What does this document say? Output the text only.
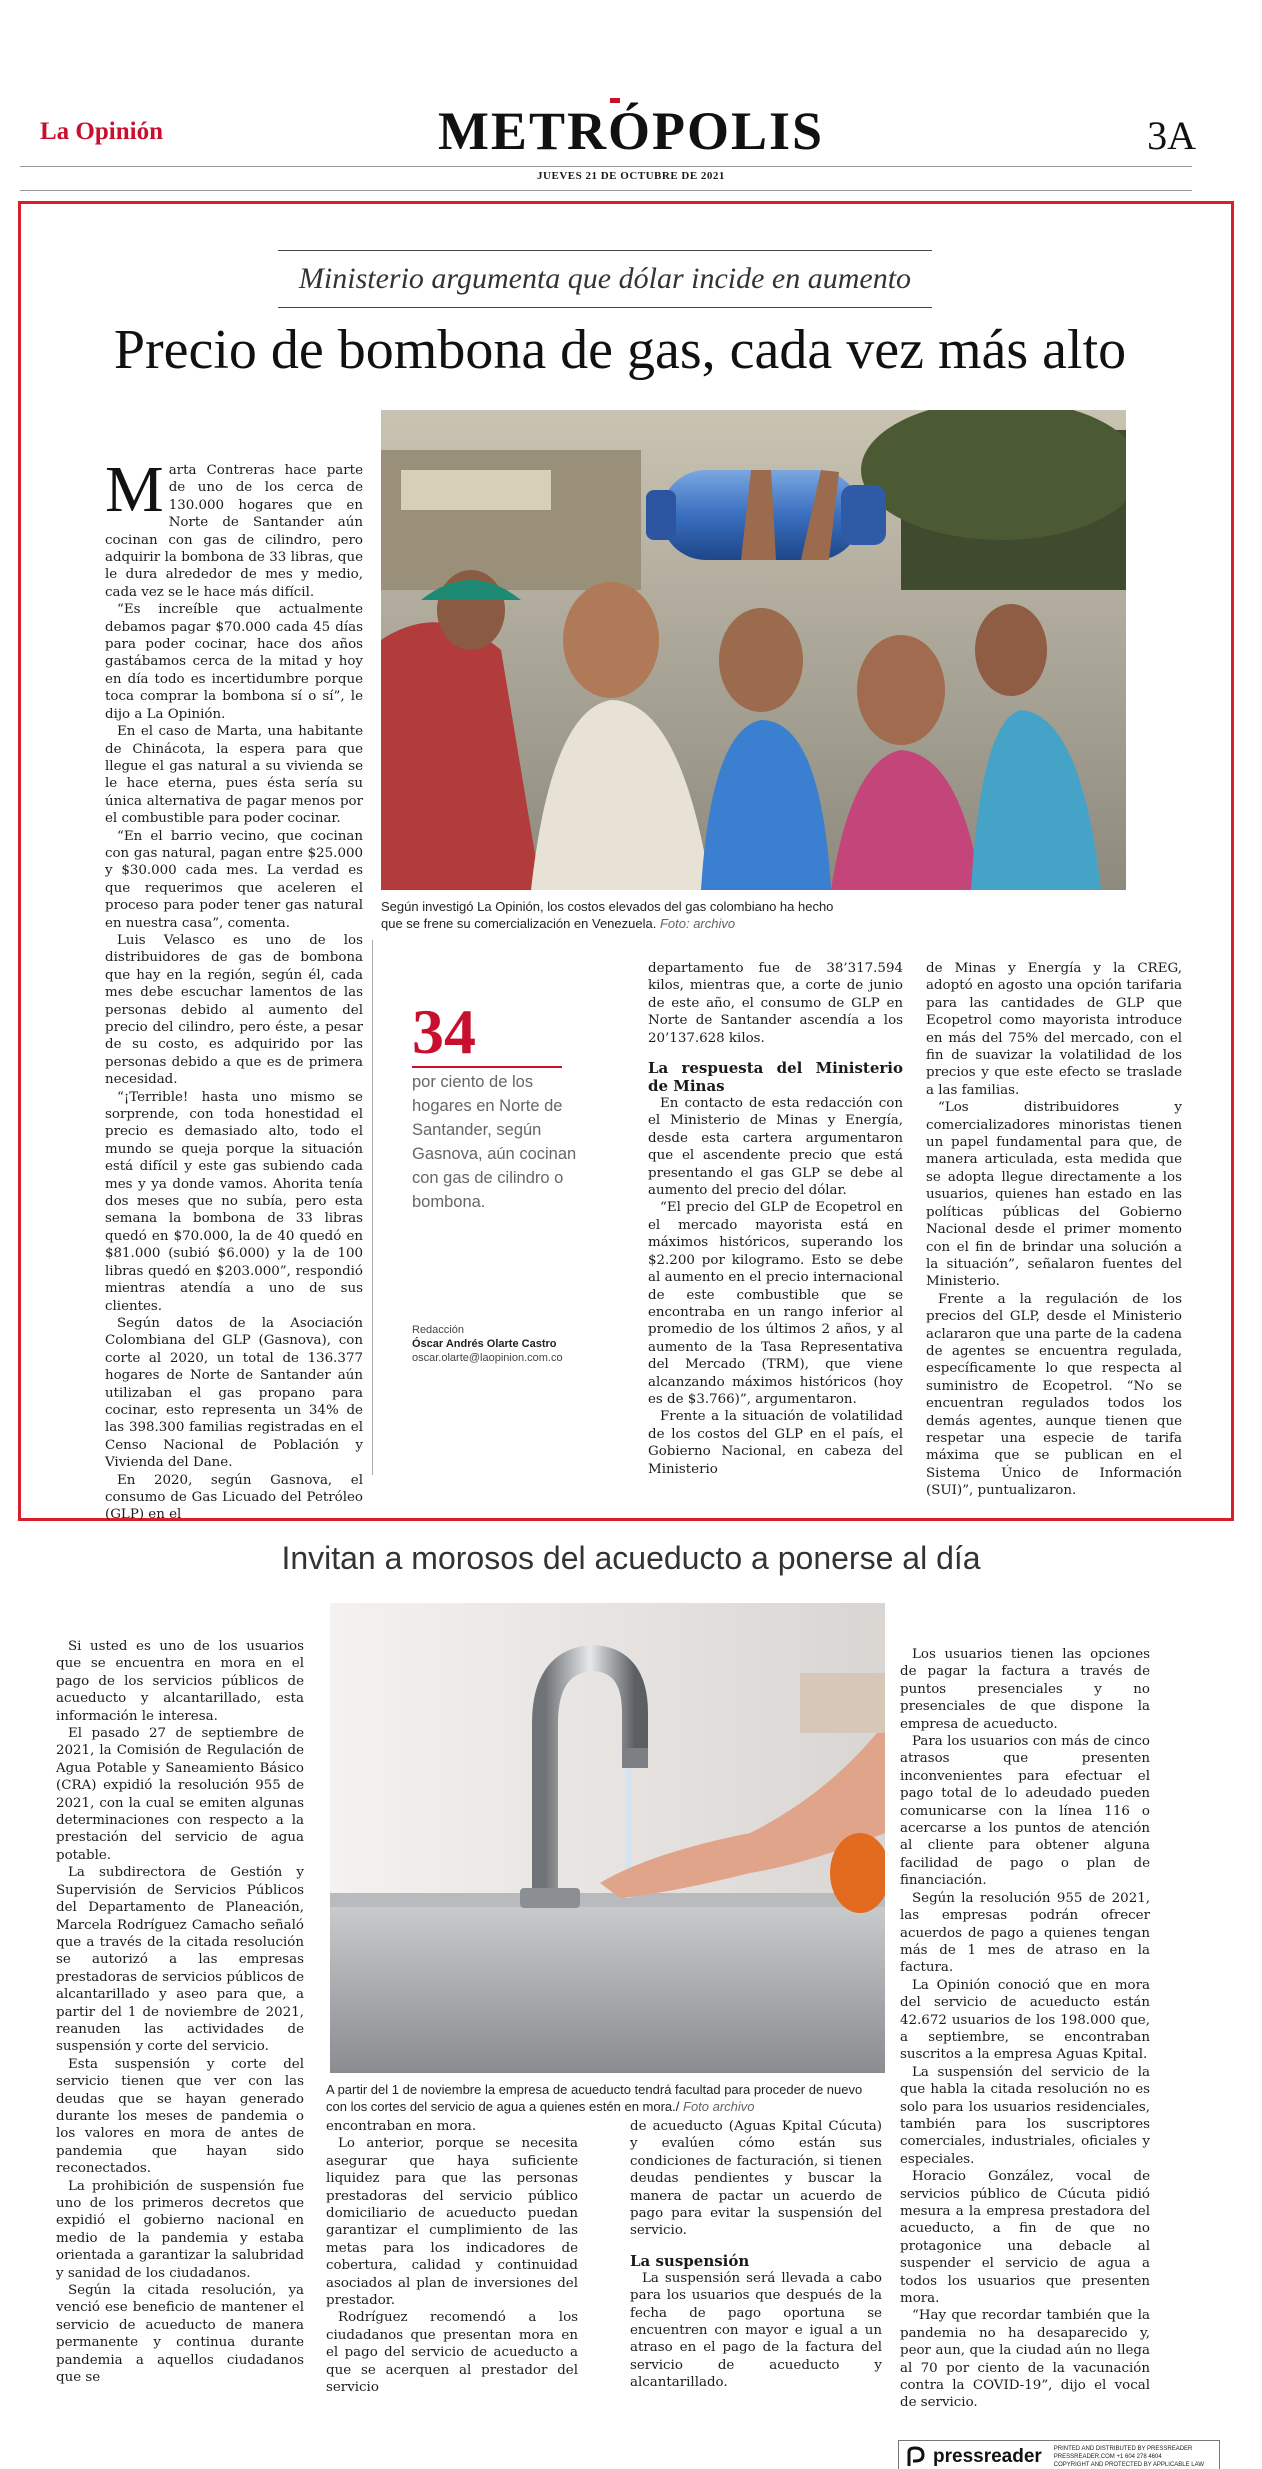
La Opinión	METRÓPOLIS	3A
JUEVES 21 DE OCTUBRE DE 2021
Ministerio argumenta que dólar incide en aumento
Precio de bombona de gas, cada vez más alto
Según investigó La Opinión, los costos elevados del gas colombiano ha hecho que se frene su comercialización en Venezuela. Foto: archivo

Marta Contreras hace parte de uno de los cerca de 130.000 hogares que en Norte de Santander aún cocinan con gas de cilindro, pero adquirir la bombona de 33 libras, que le dura alrededor de mes y medio, cada vez se le hace más difícil.

“Es increíble que actualmente debamos pagar $70.000 cada 45 días para poder cocinar, hace dos años gastábamos cerca de la mitad y hoy en día todo es incertidumbre porque toca comprar la bombona sí o sí”, le dijo a La Opinión.

En el caso de Marta, una habitante de Chinácota, la espera para que llegue el gas natural a su vivienda se le hace eterna, pues ésta sería su única alternativa de pagar menos por el combustible para poder cocinar.

“En el barrio vecino, que cocinan con gas natural, pagan entre $25.000 y $30.000 cada mes. La verdad es que requerimos que aceleren el proceso para poder tener gas natural en nuestra casa”, comenta.

Luis Velasco es uno de los distribuidores de gas de bombona que hay en la región, según él, cada mes debe escuchar lamentos de las personas debido al aumento del precio del cilindro, pero éste, a pesar de su costo, es adquirido por las personas debido a que es de primera necesidad.

“¡Terrible! hasta uno mismo se sorprende, con toda honestidad el precio es demasiado alto, todo el mundo se queja porque la situación está difícil y este gas subiendo cada mes y ya donde vamos. Ahorita tenía dos meses que no subía, pero esta semana la bombona de 33 libras quedó en $70.000, la de 40 quedó en $81.000 (subió $6.000) y la de 100 libras quedó en $203.000”, respondió mientras atendía a uno de sus clientes.

Según datos de la Asociación Colombiana del GLP (Gasnova), con corte al 2020, un total de 136.377 hogares de Norte de Santander aún utilizaban el gas propano para cocinar, esto representa un 34% de las 398.300 familias registradas en el Censo Nacional de Población y Vivienda del Dane.

En 2020, según Gasnova, el consumo de Gas Licuado del Petróleo (GLP) en el

34
por ciento de los hogares en Norte de Santander, según Gasnova, aún cocinan con gas de cilindro o bombona.
Redacción
Óscar Andrés Olarte Castro
oscar.olarte@laopinion.com.co

departamento fue de 38’317.594 kilos, mientras que, a corte de junio de este año, el consumo de GLP en Norte de Santander ascendía a los 20’137.628 kilos.

La respuesta del Ministerio de Minas

En contacto de esta redacción con el Ministerio de Minas y Energía, desde esta cartera argumentaron que el ascendente precio que está presentando el gas GLP se debe al aumento del precio del dólar.

“El precio del GLP de Ecopetrol en el mercado mayorista está en máximos históricos, superando los $2.200 por kilogramo. Esto se debe al aumento en el precio internacional de este combustible que se encontraba en un rango inferior al promedio de los últimos 2 años, y al aumento de la Tasa Representativa del Mercado (TRM), que viene alcanzando máximos históricos (hoy es de $3.766)”, argumentaron.

Frente a la situación de volatilidad de los costos del GLP en el país, el Gobierno Nacional, en cabeza del Ministerio

de Minas y Energía y la CREG, adoptó en agosto una opción tarifaria para las cantidades de GLP que Ecopetrol como mayorista introduce en más del 75% del mercado, con el fin de suavizar la volatilidad de los precios y que este efecto se traslade a las familias.

“Los distribuidores y comercializadores minoristas tienen un papel fundamental para que, de manera articulada, esta medida que se adopta llegue directamente a los usuarios, quienes han estado en las políticas públicas del Gobierno Nacional desde el primer momento con el fin de brindar una solución a la situación”, señalaron fuentes del Ministerio.

Frente a la regulación de los precios del GLP, desde el Ministerio aclararon que una parte de la cadena de agentes se encuentra regulada, específicamente lo que respecta al suministro de Ecopetrol. “No se encuentran regulados todos los demás agentes, aunque tienen que respetar una especie de tarifa máxima que se publican en el Sistema Único de Información (SUI)”, puntualizaron.

Invitan a morosos del acueducto a ponerse al día
A partir del 1 de noviembre la empresa de acueducto tendrá facultad para proceder de nuevo con los cortes del servicio de agua a quienes estén en mora./ Foto archivo

Si usted es uno de los usuarios que se encuentra en mora en el pago de los servicios públicos de acueducto y alcantarillado, esta información le interesa.

El pasado 27 de septiembre de 2021, la Comisión de Regulación de Agua Potable y Saneamiento Básico (CRA) expidió la resolución 955 de 2021, con la cual se emiten algunas determinaciones con respecto a la prestación del servicio de agua potable.

La subdirectora de Gestión y Supervisión de Servicios Públicos del Departamento de Planeación, Marcela Rodríguez Camacho señaló que a través de la citada resolución se autorizó a las empresas prestadoras de servicios públicos de alcantarillado y aseo para que, a partir del 1 de noviembre de 2021, reanuden las actividades de suspensión y corte del servicio.

Esta suspensión y corte del servicio tienen que ver con las deudas que se hayan generado durante los meses de pandemia o los valores en mora de antes de pandemia que hayan sido reconectados.

La prohibición de suspensión fue uno de los primeros decretos que expidió el gobierno nacional en medio de la pandemia y estaba orientada a garantizar la salubridad y sanidad de los ciudadanos.

Según la citada resolución, ya venció ese beneficio de mantener el servicio de acueducto de manera permanente y continua durante pandemia a aquellos ciudadanos que se

encontraban en mora.

Lo anterior, porque se necesita asegurar que haya suficiente liquidez para que las personas prestadoras del servicio público domiciliario de acueducto puedan garantizar el cumplimiento de las metas para los indicadores de cobertura, calidad y continuidad asociados al plan de inversiones del prestador.

Rodríguez recomendó a los ciudadanos que presentan mora en el pago del servicio de acueducto a que se acerquen al prestador del servicio

de acueducto (Aguas Kpital Cúcuta) y evalúen cómo están sus condiciones de facturación, si tienen deudas pendientes y buscar la manera de pactar un acuerdo de pago para evitar la suspensión del servicio.

La suspensión

La suspensión será llevada a cabo para los usuarios que después de la fecha de pago oportuna se encuentren con mayor e igual a un atraso en el pago de la factura del servicio de acueducto y alcantarillado.

Los usuarios tienen las opciones de pagar la factura a través de puntos presenciales y no presenciales de que dispone la empresa de acueducto.

Para los usuarios con más de cinco atrasos que presenten inconvenientes para efectuar el pago total de lo adeudado pueden comunicarse con la línea 116 o acercarse a los puntos de atención al cliente para obtener alguna facilidad de pago o plan de financiación.

Según la resolución 955 de 2021, las empresas podrán ofrecer acuerdos de pago a quienes tengan más de 1 mes de atraso en la factura.

La Opinión conoció que en mora del servicio de acueducto están 42.672 usuarios de los 198.000 que, a septiembre, se encontraban suscritos a la empresa Aguas Kpital.

La suspensión del servicio de la que habla la citada resolución no es solo para los usuarios residenciales, también para los suscriptores comerciales, industriales, oficiales y especiales.

Horacio González, vocal de servicios público de Cúcuta pidió mesura a la empresa prestadora del acueducto, a fin de que no protagonice una debacle al suspender el servicio de agua a todos los usuarios que presenten mora.

“Hay que recordar también que la pandemia no ha desaparecido y, peor aun, que la ciudad aún no llega al 70 por ciento de la vacunación contra la COVID-19”, dijo el vocal de servicio.

pressreader PRINTED AND DISTRIBUTED BY PRESSREADER
PRESSREADER.COM +1 604 278 4604
COPYRIGHT AND PROTECTED BY APPLICABLE LAW
